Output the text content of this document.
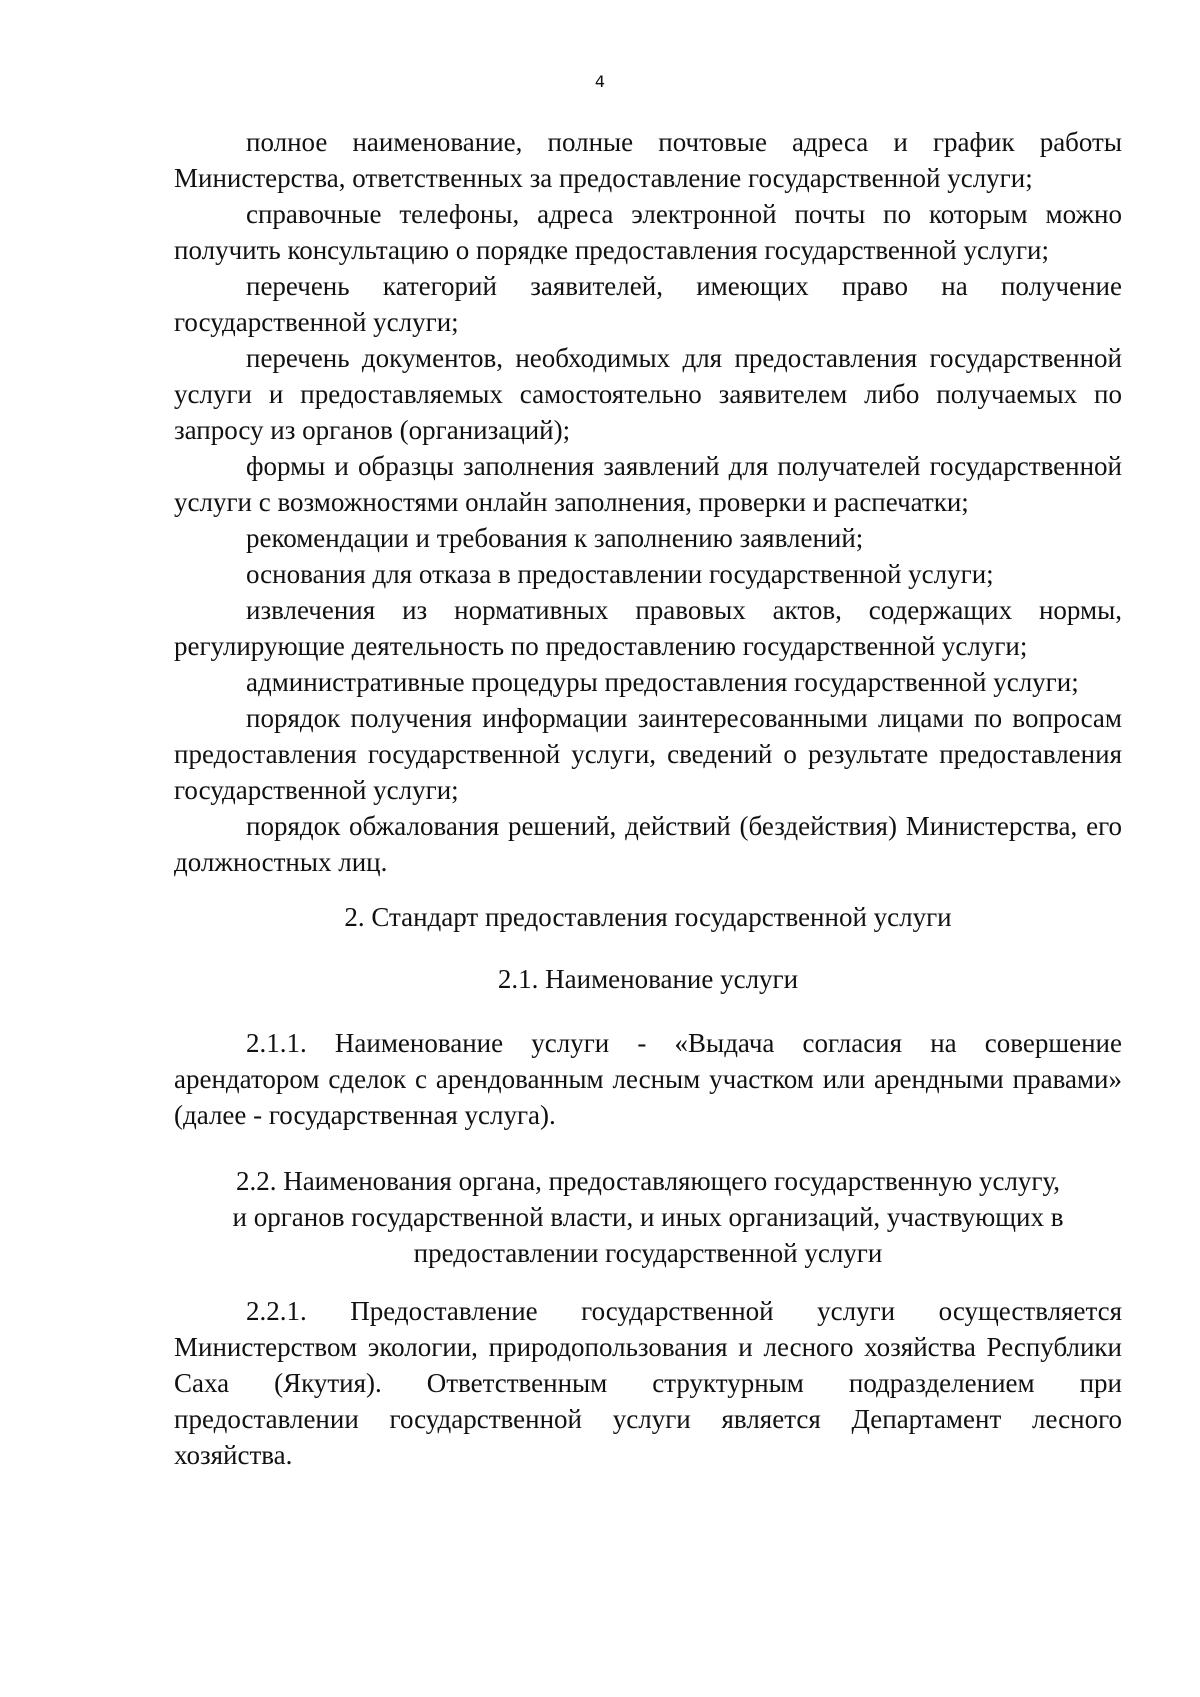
4

полное наименование, полные почтовые адреса и график работы Министерства, ответственных за предоставление государственной услуги;

справочные телефоны, адреса электронной почты по которым можно получить консультацию о порядке предоставления государственной услуги;

перечень категорий заявителей, имеющих право на получение государственной услуги;

перечень документов, необходимых для предоставления государственной услуги и предоставляемых самостоятельно заявителем либо получаемых по запросу из органов (организаций);

формы и образцы заполнения заявлений для получателей государственной услуги с возможностями онлайн заполнения, проверки и распечатки;

рекомендации и требования к заполнению заявлений;

основания для отказа в предоставлении государственной услуги;

извлечения из нормативных правовых актов, содержащих нормы, регулирующие деятельность по предоставлению государственной услуги;

административные процедуры предоставления государственной услуги;

порядок получения информации заинтересованными лицами по вопросам предоставления государственной услуги, сведений о результате предоставления государственной услуги;

порядок обжалования решений, действий (бездействия) Министерства, его должностных лиц.

2. Стандарт предоставления государственной услуги

2.1. Наименование услуги

2.1.1. Наименование услуги - «Выдача согласия на совершение арендатором сделок с арендованным лесным участком или арендными правами» (далее - государственная услуга).

2.2. Наименования органа, предоставляющего государственную услугу,
и органов государственной власти, и иных организаций, участвующих в
предоставлении государственной услуги

2.2.1. Предоставление государственной услуги осуществляется Министерством экологии, природопользования и лесного хозяйства Республики Саха (Якутия). Ответственным структурным подразделением при предоставлении государственной услуги является Департамент лесного хозяйства.
